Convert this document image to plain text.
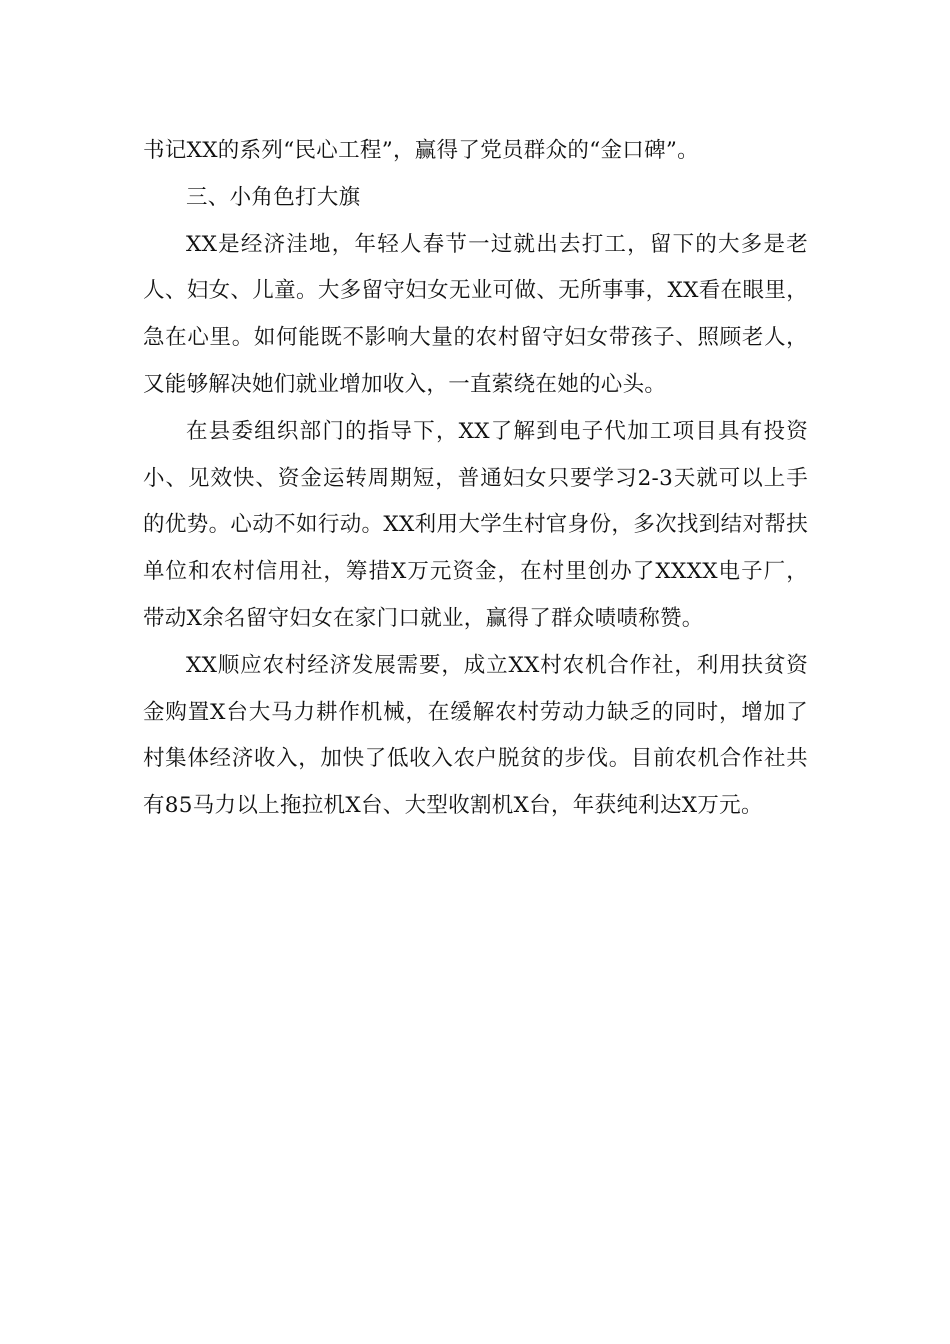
书记XX的系列“民心工程”，赢得了党员群众的“金口碑”。

三、小角色打大旗

XX是经济洼地，年轻人春节一过就出去打工，留下的大多是老人、妇女、儿童。大多留守妇女无业可做、无所事事，XX看在眼里，急在心里。如何能既不影响大量的农村留守妇女带孩子、照顾老人，又能够解决她们就业增加收入，一直萦绕在她的心头。

在县委组织部门的指导下，XX了解到电子代加工项目具有投资小、见效快、资金运转周期短，普通妇女只要学习2-3天就可以上手的优势。心动不如行动。XX利用大学生村官身份，多次找到结对帮扶单位和农村信用社，筹措X万元资金，在村里创办了XXXX电子厂，带动X余名留守妇女在家门口就业，赢得了群众啧啧称赞。

XX顺应农村经济发展需要，成立XX村农机合作社，利用扶贫资金购置X台大马力耕作机械，在缓解农村劳动力缺乏的同时，增加了村集体经济收入，加快了低收入农户脱贫的步伐。目前农机合作社共有85马力以上拖拉机X台、大型收割机X台，年获纯利达X万元。
